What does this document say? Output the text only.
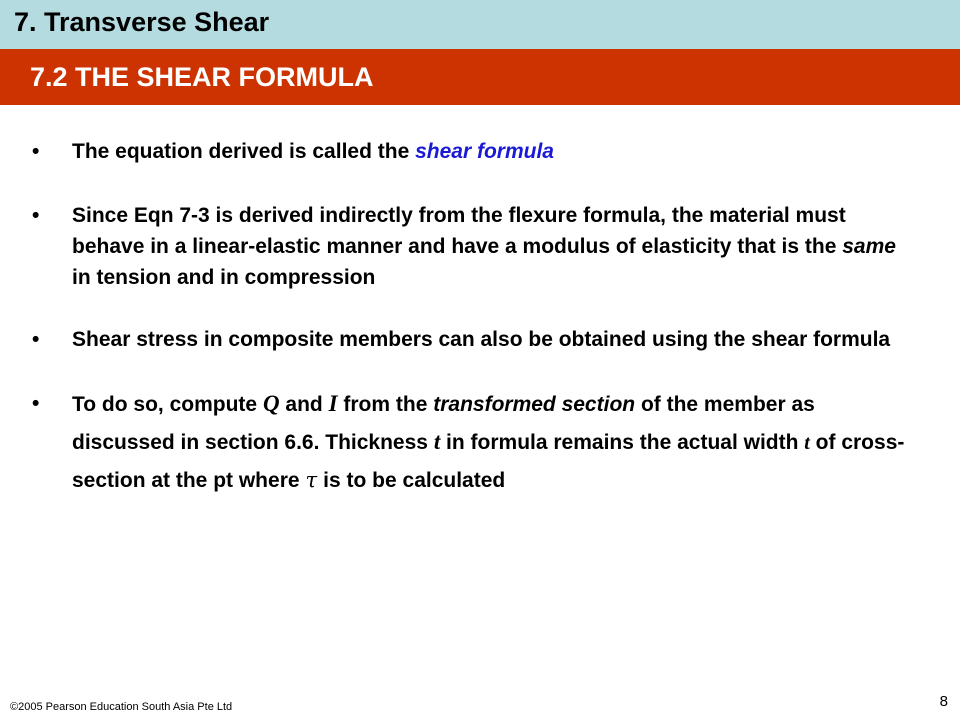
7. Transverse Shear
7.2 THE SHEAR FORMULA
• The equation derived is called the shear formula
• Since Eqn 7-3 is derived indirectly from the flexure formula, the material must behave in a linear-elastic manner and have a modulus of elasticity that is the same in tension and in compression
• Shear stress in composite members can also be obtained using the shear formula
• To do so, compute Q and I from the transformed section of the member as discussed in section 6.6. Thickness t in formula remains the actual width t of cross-section at the pt where τ is to be calculated
©2005 Pearson Education South Asia Pte Ltd	8
